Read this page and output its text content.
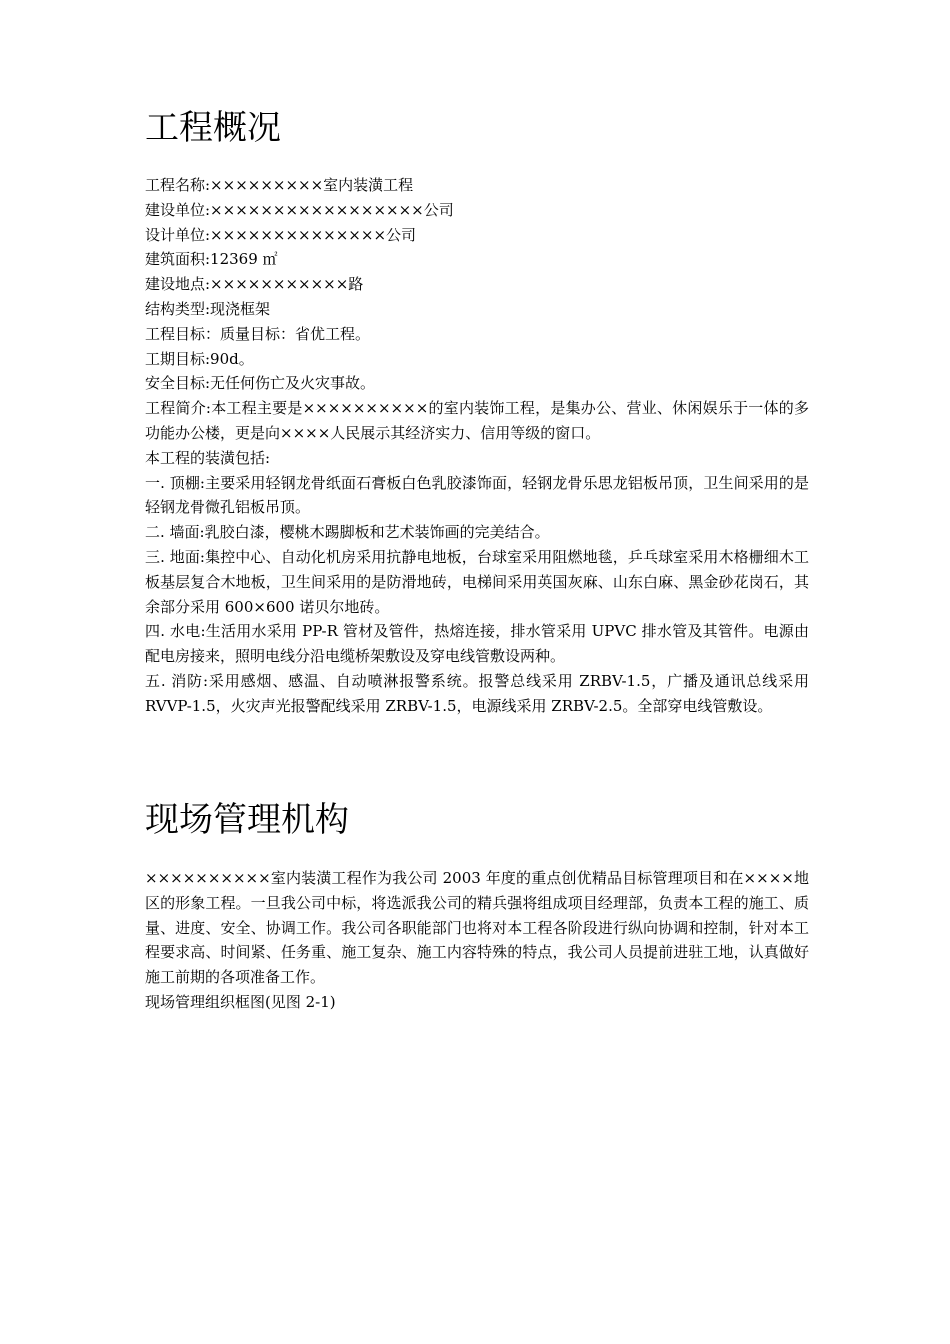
工程概况

工程名称:×××××××××室内装潢工程

建设单位:×××××××××××××××××公司

设计单位:××××××××××××××公司

建筑面积:12369 ㎡

建设地点:×××××××××××路

结构类型:现浇框架

工程目标：质量目标：省优工程。

工期目标:90d。

安全目标:无任何伤亡及火灾事故。

工程简介:本工程主要是××××××××××的室内装饰工程，是集办公、营业、休闲娱乐于一体的多功能办公楼，更是向××××人民展示其经济实力、信用等级的窗口。

本工程的装潢包括:

一. 顶棚:主要采用轻钢龙骨纸面石膏板白色乳胶漆饰面，轻钢龙骨乐思龙铝板吊顶，卫生间采用的是轻钢龙骨微孔铝板吊顶。

二. 墙面:乳胶白漆，樱桃木踢脚板和艺术装饰画的完美结合。

三. 地面:集控中心、自动化机房采用抗静电地板，台球室采用阻燃地毯，乒乓球室采用木格栅细木工板基层复合木地板，卫生间采用的是防滑地砖，电梯间采用英国灰麻、山东白麻、黑金砂花岗石，其余部分采用 600×600 诺贝尔地砖。

四. 水电:生活用水采用 PP-R 管材及管件，热熔连接，排水管采用 UPVC 排水管及其管件。电源由配电房接来，照明电线分沿电缆桥架敷设及穿电线管敷设两种。

五. 消防:采用感烟、感温、自动喷淋报警系统。报警总线采用 ZRBV-1.5，广播及通讯总线采用 RVVP-1.5，火灾声光报警配线采用 ZRBV-1.5，电源线采用 ZRBV-2.5。全部穿电线管敷设。

现场管理机构

××××××××××室内装潢工程作为我公司 2003 年度的重点创优精品目标管理项目和在××××地区的形象工程。一旦我公司中标，将选派我公司的精兵强将组成项目经理部，负责本工程的施工、质量、进度、安全、协调工作。我公司各职能部门也将对本工程各阶段进行纵向协调和控制，针对本工程要求高、时间紧、任务重、施工复杂、施工内容特殊的特点，我公司人员提前进驻工地，认真做好施工前期的各项准备工作。

现场管理组织框图(见图 2-1)
